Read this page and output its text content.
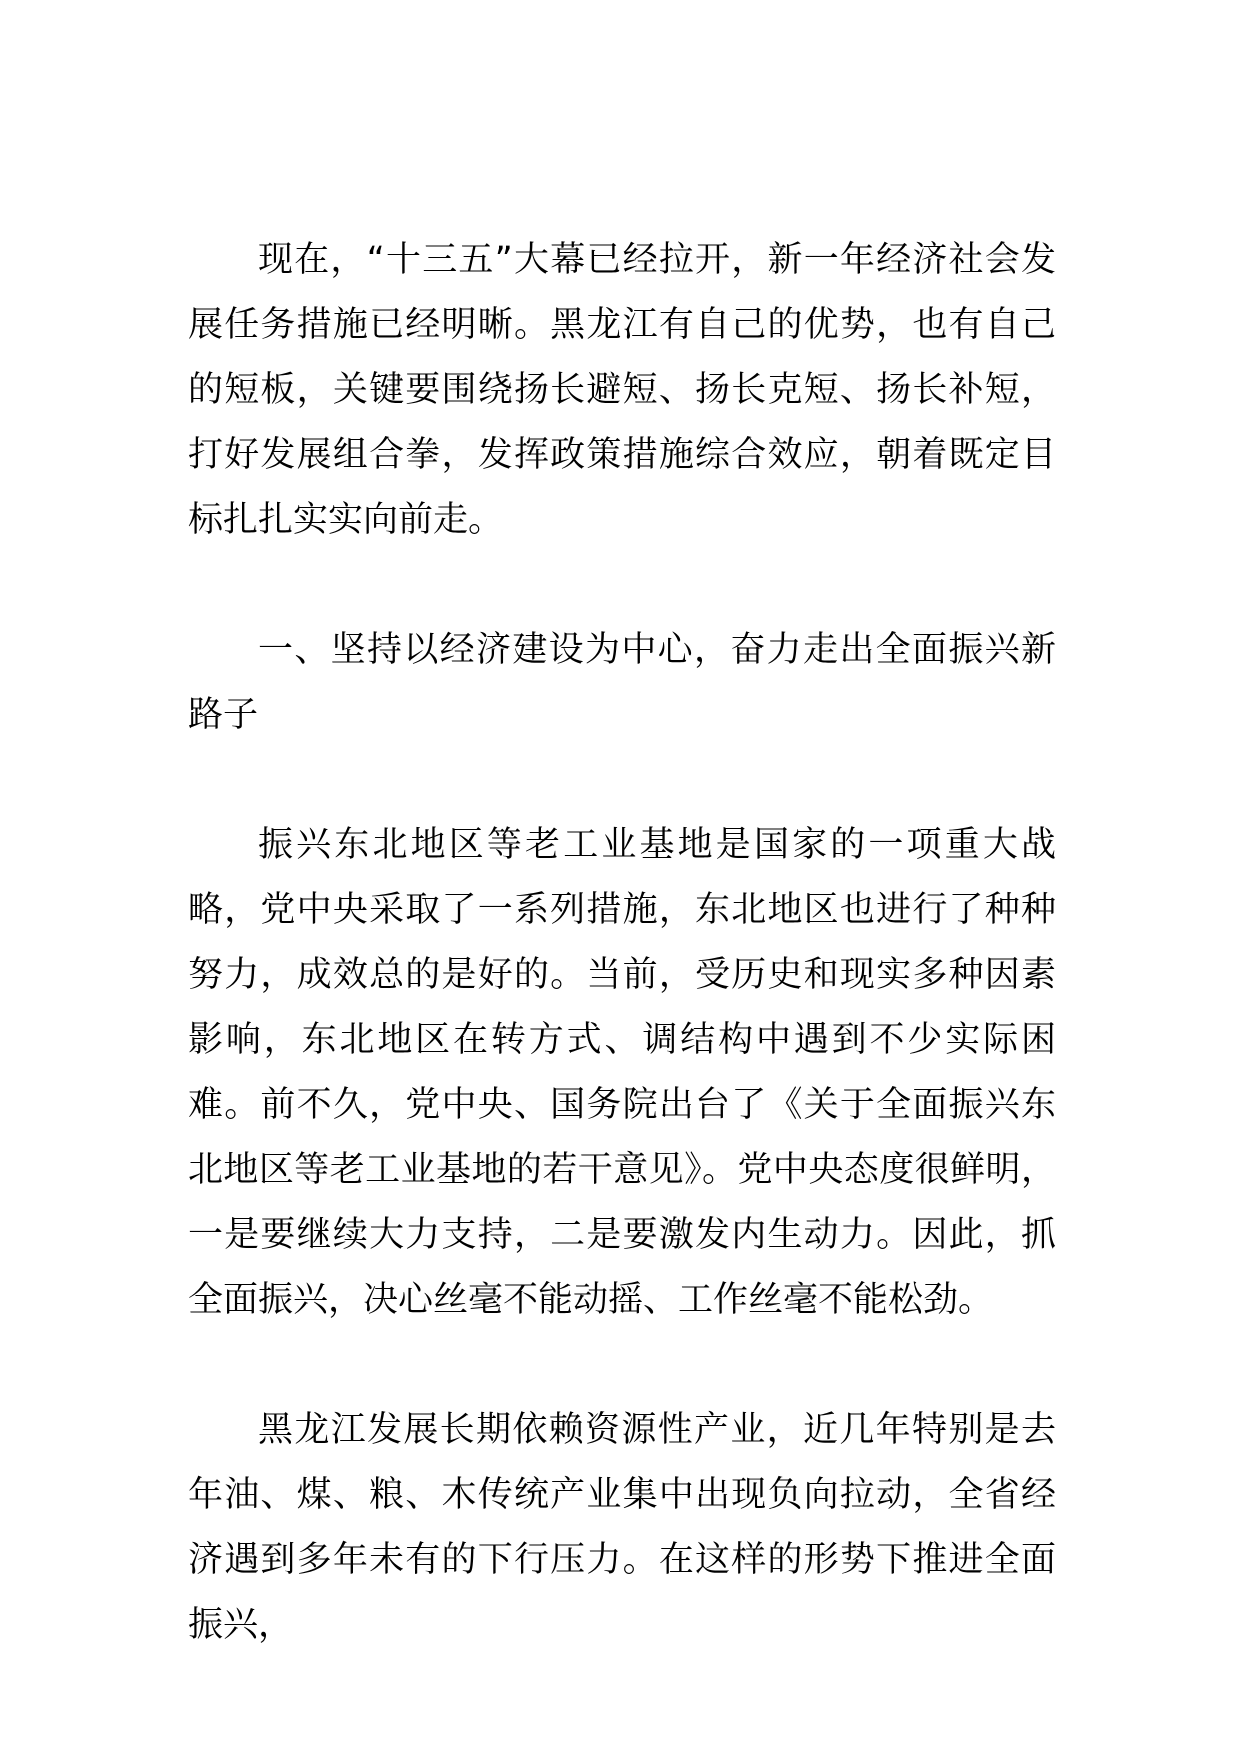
现在，“十三五”大幕已经拉开，新一年经济社会发展任务措施已经明晰。黑龙江有自己的优势，也有自己的短板，关键要围绕扬长避短、扬长克短、扬长补短，打好发展组合拳，发挥政策措施综合效应，朝着既定目标扎扎实实向前走。

一、坚持以经济建设为中心，奋力走出全面振兴新路子

振兴东北地区等老工业基地是国家的一项重大战略，党中央采取了一系列措施，东北地区也进行了种种努力，成效总的是好的。当前，受历史和现实多种因素影响，东北地区在转方式、调结构中遇到不少实际困难。前不久，党中央、国务院出台了《关于全面振兴东北地区等老工业基地的若干意见》。党中央态度很鲜明，一是要继续大力支持，二是要激发内生动力。因此，抓全面振兴，决心丝毫不能动摇、工作丝毫不能松劲。

黑龙江发展长期依赖资源性产业，近几年特别是去年油、煤、粮、木传统产业集中出现负向拉动，全省经济遇到多年未有的下行压力。在这样的形势下推进全面振兴，
